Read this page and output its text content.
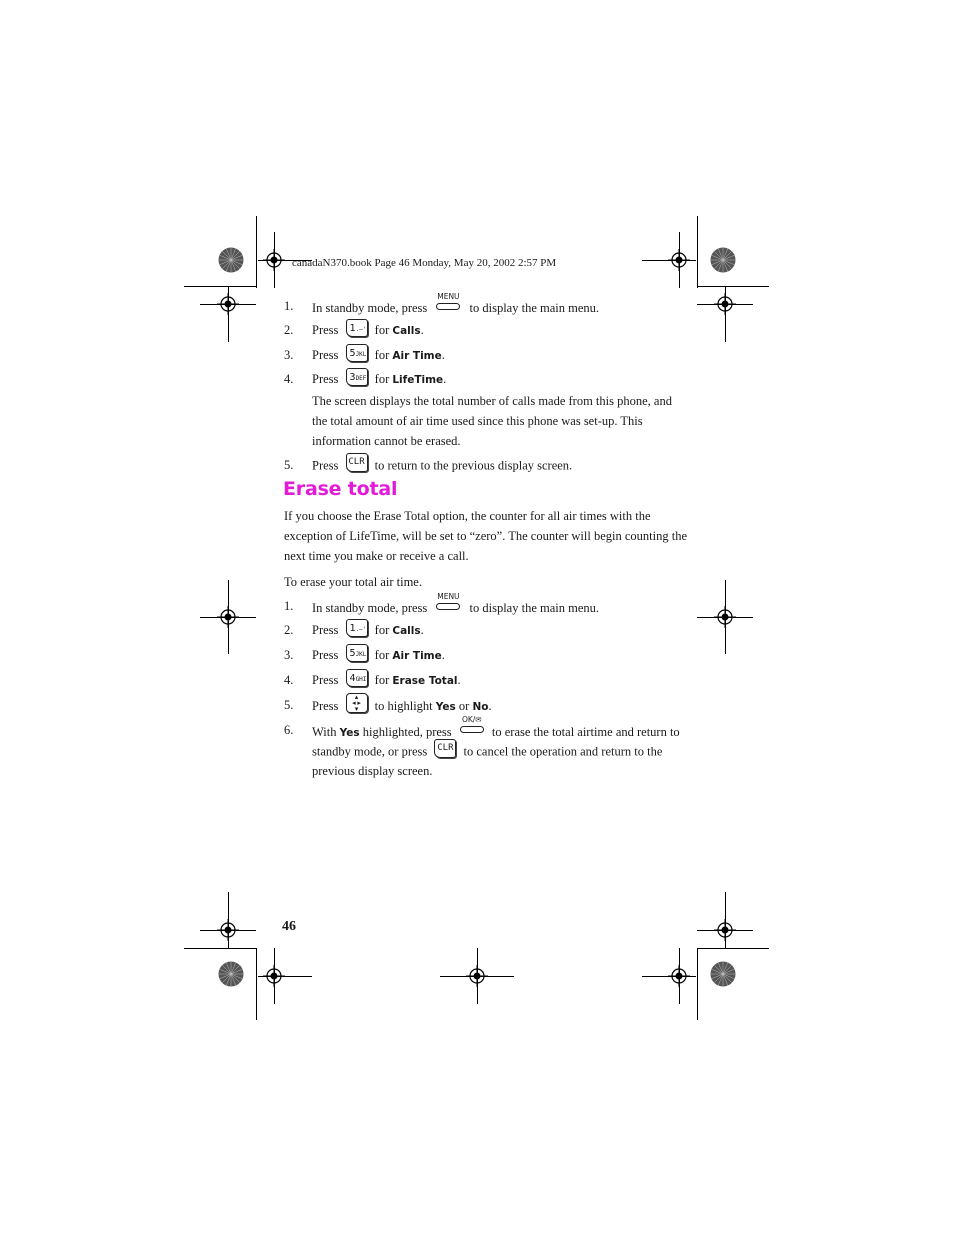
canadaN370.book Page 46 Monday, May 20, 2002 2:57 PM
1. In standby mode, press
MENU
to display the main menu.
2. Press 1.–' for Calls.
3. Press 5JKL for Air Time.
4. Press 3DEF for LifeTime.
The screen displays the total number of calls made from this phone, and
the total amount of air time used since this phone was set-up. This
information cannot be erased.
5. Press CLR to return to the previous display screen.
Erase total
If you choose the Erase Total option, the counter for all air times with the
exception of LifeTime, will be set to “zero”. The counter will begin counting the
next time you make or receive a call.
To erase your total air time.
1. In standby mode, press
MENU
to display the main menu.
2. Press 1.–' for Calls.
3. Press 5JKL for Air Time.
4. Press 4GHI for Erase Total.
5. Press ▴
◂ ▸
▾ to highlight Yes or No.
6. With Yes highlighted, press
OK/✉
to erase the total airtime and return to
standby mode, or press CLR to cancel the operation and return to the
previous display screen.
46
